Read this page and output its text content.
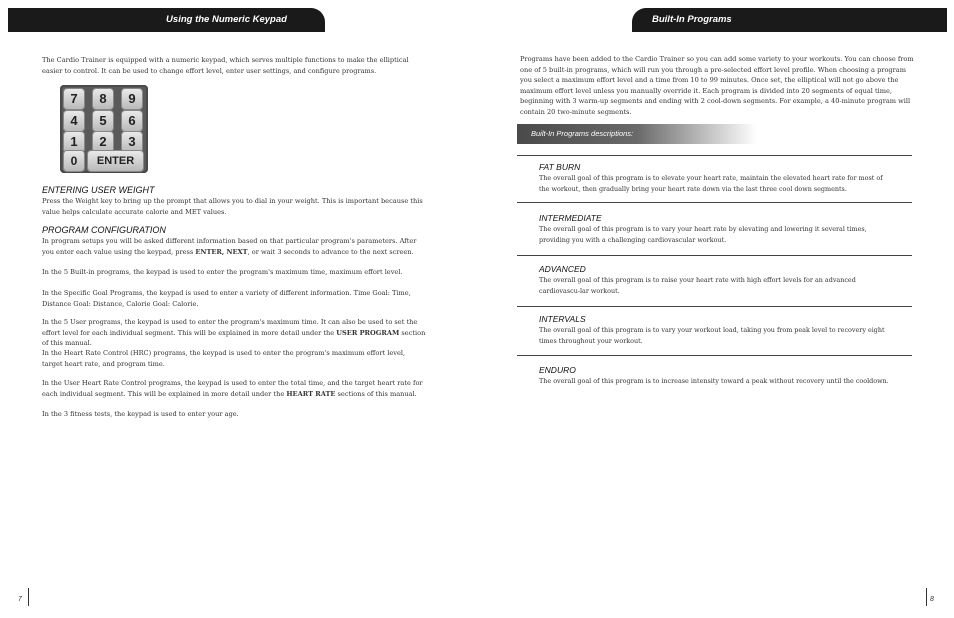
Using the Numeric Keypad
The Cardio Trainer is equipped with a numeric keypad, which serves multiple functions to make the elliptical easier to control. It can be used to change effort level, enter user settings, and configure programs.
7	8	9
4	5	6
1	2	3
0	ENTER
ENTERING USER WEIGHT
Press the Weight key to bring up the prompt that allows you to dial in your weight. This is important because this value helps calculate accurate calorie and MET values.
PROGRAM CONFIGURATION
In program setups you will be asked different information based on that particular program's parameters. After you enter each value using the keypad, press ENTER, NEXT, or wait 3 seconds to advance to the next screen.
In the 5 Built-in programs, the keypad is used to enter the program's maximum time, maximum effort level.
In the Specific Goal Programs, the keypad is used to enter a variety of different information. Time Goal: Time, Distance Goal: Distance, Calorie Goal: Calorie.
In the 5 User programs, the keypad is used to enter the program's maximum time. It can also be used to set the effort level for each individual segment. This will be explained in more detail under the USER PROGRAM section of this manual.
In the Heart Rate Control (HRC) programs, the keypad is used to enter the program's maximum effort level, target heart rate, and program time.
In the User Heart Rate Control programs, the keypad is used to enter the total time, and the target heart rate for each individual segment. This will be explained in more detail under the HEART RATE sections of this manual.
In the 3 fitness tests, the keypad is used to enter your age.
7
Built-In Programs
Programs have been added to the Cardio Trainer so you can add some variety to your workouts. You can choose from one of 5 built-in programs, which will run you through a pre-selected effort level profile. When choosing a program you select a maximum effort level and a time from 10 to 99 minutes. Once set, the elliptical will not go above the maximum effort level unless you manually override it. Each program is divided into 20 segments of equal time, beginning with 3 warm-up segments and ending with 2 cool-down segments. For example, a 40-minute program will contain 20 two-minute segments.
Built-In Programs descriptions:
FAT BURN
The overall goal of this program is to elevate your heart rate, maintain the elevated heart rate for most of the workout, then gradually bring your heart rate down via the last three cool down segments.
INTERMEDIATE
The overall goal of this program is to vary your heart rate by elevating and lowering it several times, providing you with a challenging cardiovascular workout.
ADVANCED
The overall goal of this program is to raise your heart rate with high effort levels for an advanced cardiovascu-lar workout.
INTERVALS
The overall goal of this program is to vary your workout load, taking you from peak level to recovery eight times throughout your workout.
ENDURO
The overall goal of this program is to increase intensity toward a peak without recovery until the cooldown.
8
